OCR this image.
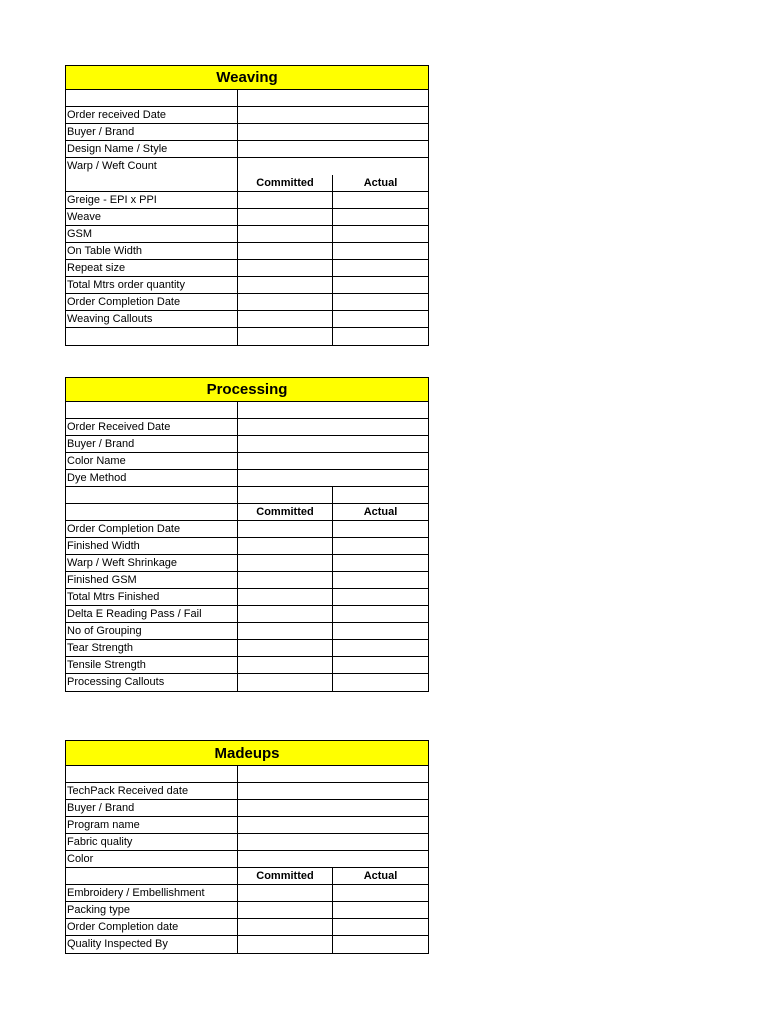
Weaving
Order received Date
Buyer / Brand
Design Name / Style
Warp / Weft Count
Committed	Actual
Greige - EPI x PPI
Weave
GSM
On Table Width
Repeat size
Total Mtrs order quantity
Order Completion Date
Weaving Callouts
Processing
Order Received Date
Buyer / Brand
Color Name
Dye Method
Committed	Actual
Order Completion Date
Finished Width
Warp / Weft Shrinkage
Finished GSM
Total Mtrs Finished
Delta E Reading Pass / Fail
No of Grouping
Tear Strength
Tensile Strength
Processing Callouts
Madeups
TechPack Received date
Buyer / Brand
Program name
Fabric quality
Color
Committed	Actual
Embroidery / Embellishment
Packing type
Order Completion date
Quality Inspected By
